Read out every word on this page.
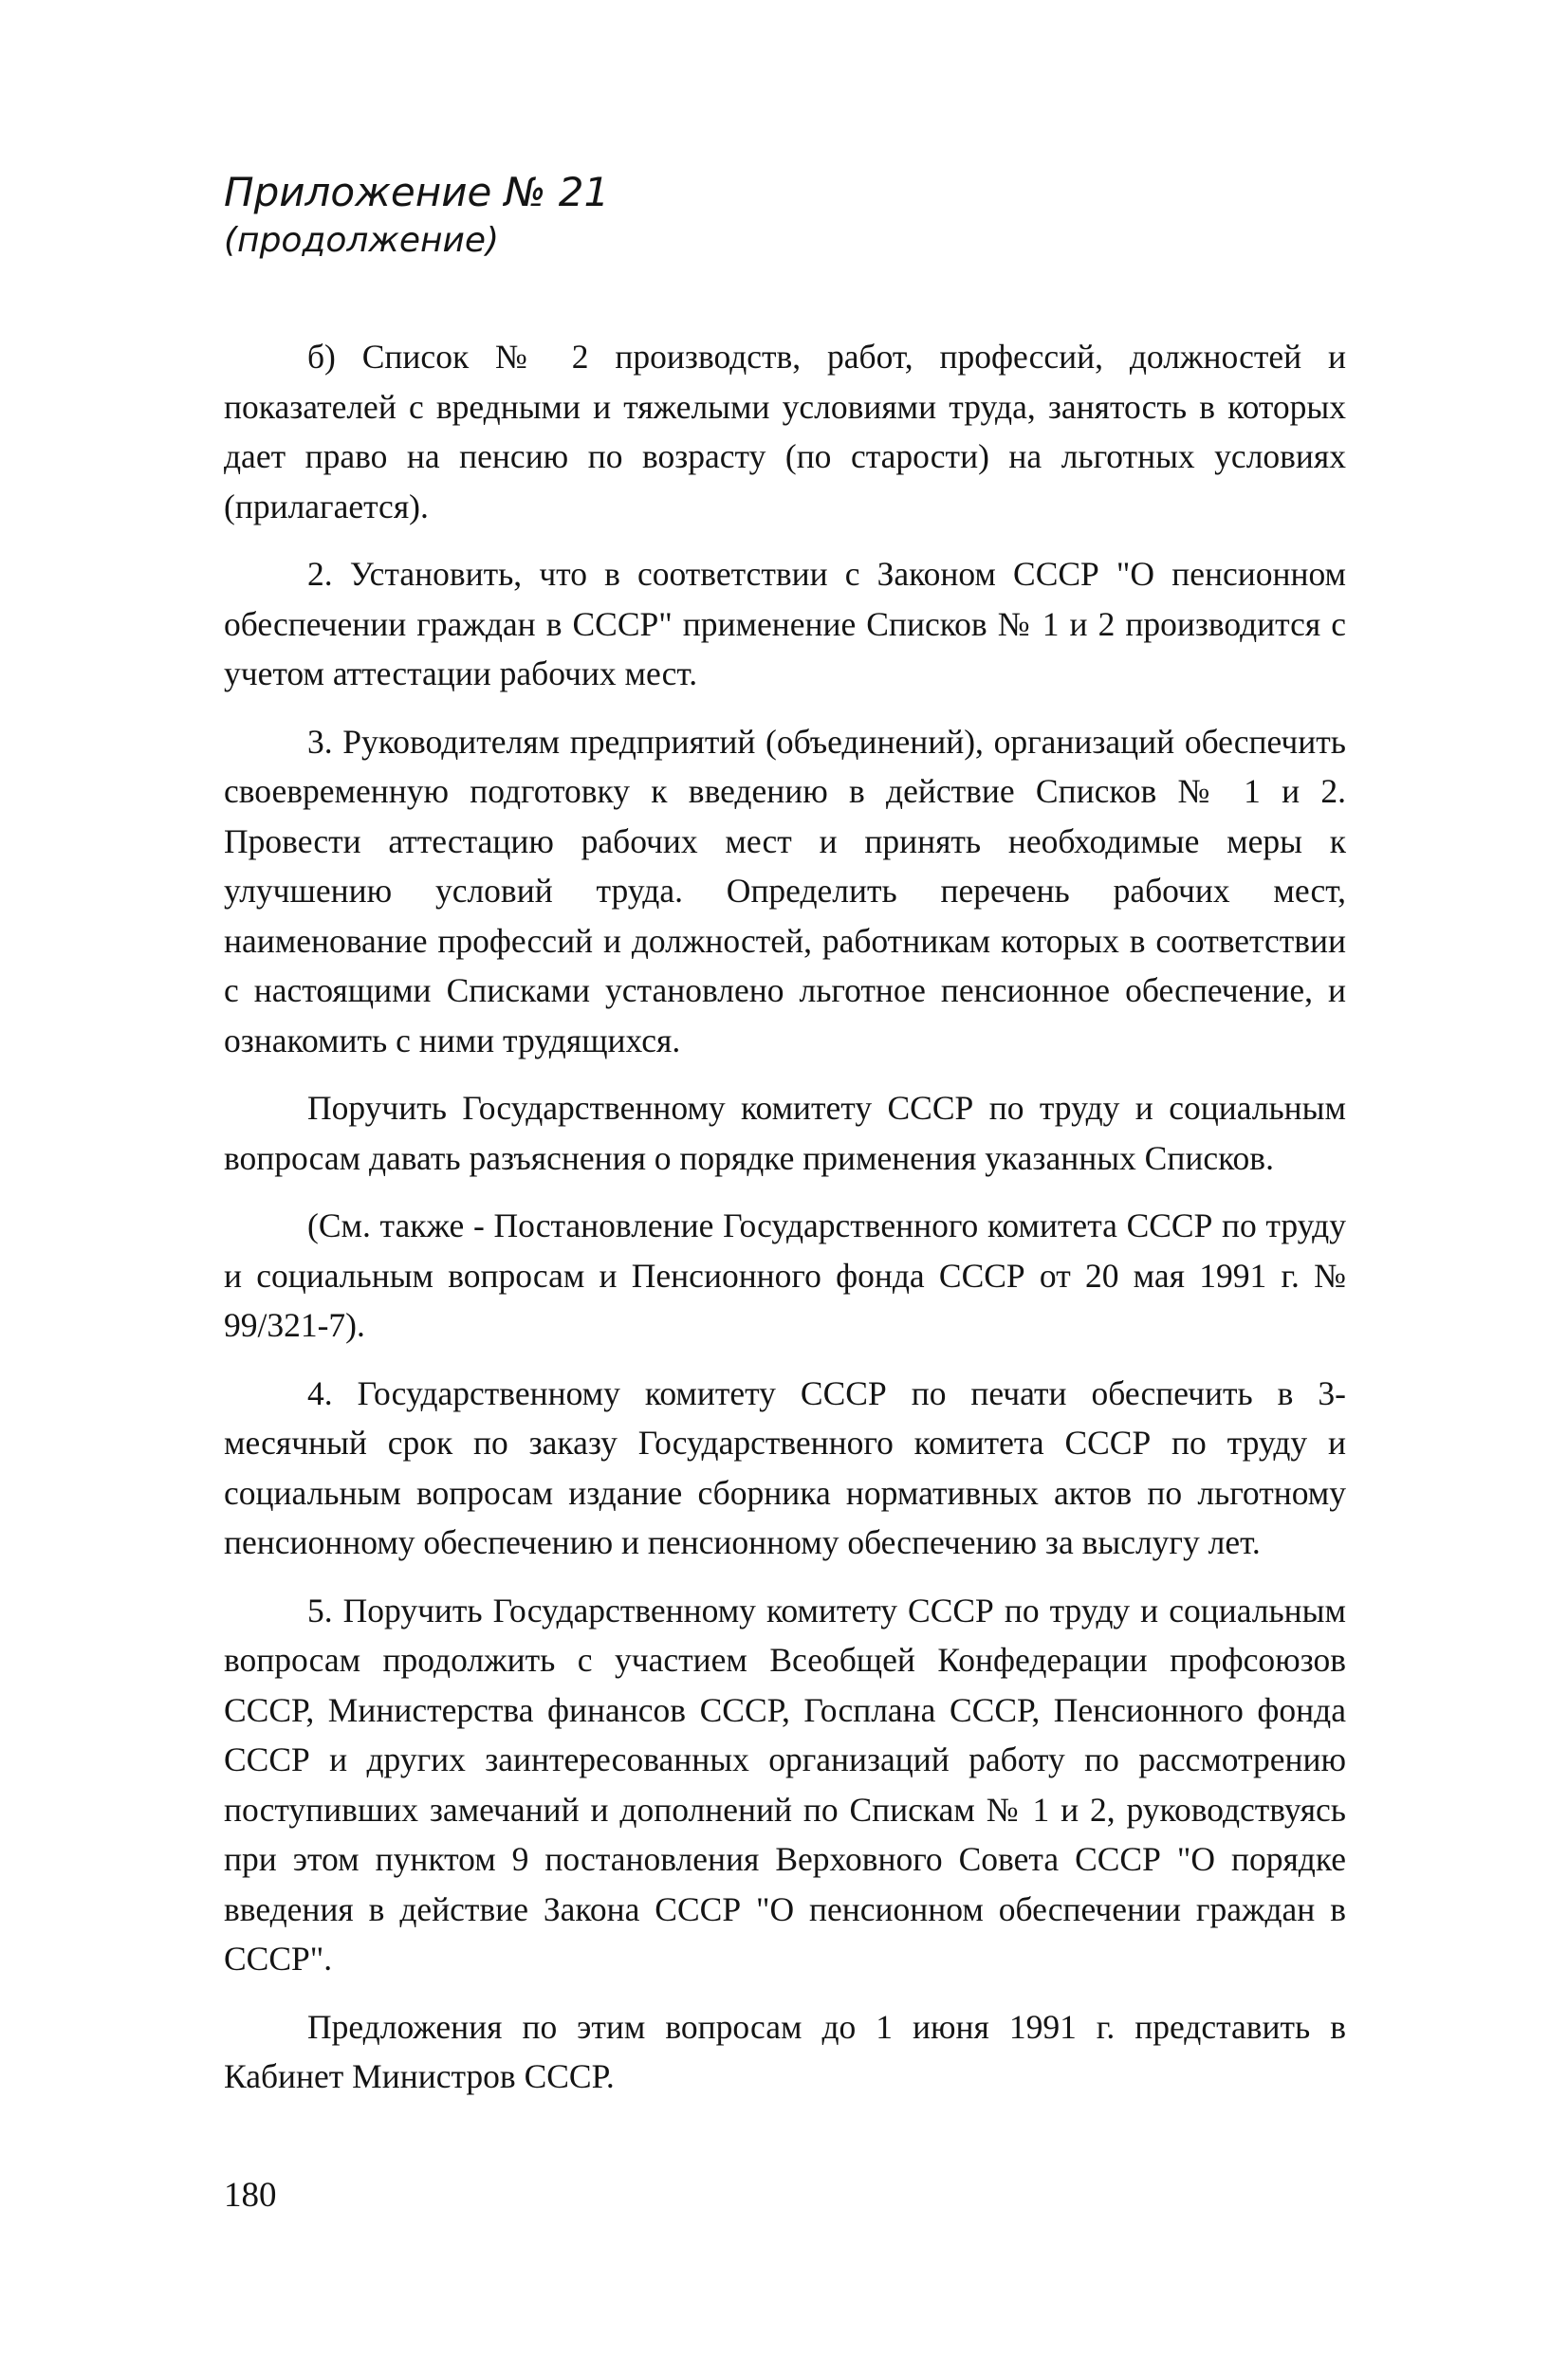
Приложение № 21
(продолжение)

б) Список № 2 производств, работ, профессий, должностей и показателей с вредными и тяжелыми условиями труда, занятость в которых дает право на пенсию по возрасту (по старости) на льготных условиях (прилагается).

2. Установить, что в соответствии с Законом СССР "О пенсионном обеспечении граждан в СССР" применение Списков № 1 и 2 производится с учетом аттестации рабочих мест.

3. Руководителям предприятий (объединений), организаций обеспечить своевременную подготовку к введению в действие Списков № 1 и 2. Провести аттестацию рабочих мест и принять необходимые меры к улучшению условий труда. Определить перечень рабочих мест, наименование профессий и должностей, работникам которых в соответствии с настоящими Списками установлено льготное пенсионное обеспечение, и ознакомить с ними трудящихся.

Поручить Государственному комитету СССР по труду и социальным вопросам давать разъяснения о порядке применения указанных Списков.

(См. также - Постановление Государственного комитета СССР по труду и социальным вопросам и Пенсионного фонда СССР от 20 мая 1991 г. № 99/321-7).

4. Государственному комитету СССР по печати обеспечить в 3-месячный срок по заказу Государственного комитета СССР по труду и социальным вопросам издание сборника нормативных актов по льготному пенсионному обеспечению и пенсионному обеспечению за выслугу лет.

5. Поручить Государственному комитету СССР по труду и социальным вопросам продолжить с участием Всеобщей Конфедерации профсоюзов СССР, Министерства финансов СССР, Госплана СССР, Пенсионного фонда СССР и других заинтересованных организаций работу по рассмотрению поступивших замечаний и дополнений по Спискам № 1 и 2, руководствуясь при этом пунктом 9 постановления Верховного Совета СССР "О порядке введения в действие Закона СССР "О пенсионном обеспечении граждан в СССР".

Предложения по этим вопросам до 1 июня 1991 г. представить в Кабинет Министров СССР.

180
